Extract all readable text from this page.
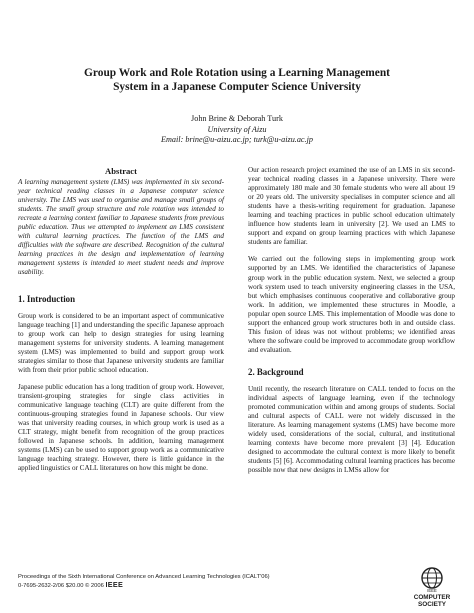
Group Work and Role Rotation using a Learning Management
System in a Japanese Computer Science University
John Brine & Deborah Turk
University of Aizu
Email: brine@u-aizu.ac.jp; turk@u-aizu.ac.jp
Abstract

A learning management system (LMS) was implemented in six second-year technical reading classes in a Japanese computer science university. The LMS was used to organise and manage small groups of students. The small group structure and role rotation was intended to recreate a learning context familiar to Japanese students from previous public education. Thus we attempted to implement an LMS consistent with cultural learning practices. The function of the LMS and difficulties with the software are described. Recognition of the cultural learning practices in the design and implementation of learning management systems is intended to meet student needs and improve usability.

1. Introduction

Group work is considered to be an important aspect of communicative language teaching [1] and understanding the specific Japanese approach to group work can help to design strategies for using learning management systems for university students. A learning management system (LMS) was implemented to build and support group work strategies similar to those that Japanese university students are familiar with from their prior public school education.

Japanese public education has a long tradition of group work. However, transient-grouping strategies for single class activities in communicative language teaching (CLT) are quite different from the continuous-grouping strategies found in Japanese schools. Our view was that university reading courses, in which group work is used as a CLT strategy, might benefit from recognition of the group practices followed in Japanese schools. In addition, learning management systems (LMS) can be used to support group work as a communicative language teaching strategy. However, there is little guidance in the applied linguistics or CALL literatures on how this might be done.

Our action research project examined the use of an LMS in six second-year technical reading classes in a Japanese university. There were approximately 180 male and 30 female students who were all about 19 or 20 years old. The university specialises in computer science and all students have a thesis-writing requirement for graduation. Japanese learning and teaching practices in public school education ultimately influence how students learn in university [2]. We used an LMS to support and expand on group learning practices with which Japanese students are familiar.

We carried out the following steps in implementing group work supported by an LMS. We identified the characteristics of Japanese group work in the public education system. Next, we selected a group work system used to teach university engineering classes in the USA, but which emphasises continuous cooperative and collaborative group work. In addition, we implemented these structures in Moodle, a popular open source LMS. This implementation of Moodle was done to support the enhanced group work structures both in and outside class. This fusion of ideas was not without problems; we identified areas where the software could be improved to accommodate group workflow and evaluation.

2. Background

Until recently, the research literature on CALL tended to focus on the individual aspects of language learning, even if the technology promoted communication within and among groups of students. Social and cultural aspects of CALL were not widely discussed in the literature. As learning management systems (LMS) have become more widely used, considerations of the social, cultural, and institutional learning contexts have become more prevalent [3] [4]. Education designed to accommodate the cultural context is more likely to benefit students [5] [6]. Accommodating cultural learning practices has become possible now that new designs in LMSs allow for

Proceedings of the Sixth International Conference on Advanced Learning Technologies (ICALT'06)
0-7695-2632-2/06 $20.00 © 2006 IEEE
IEEE
COMPUTER
SOCIETY
